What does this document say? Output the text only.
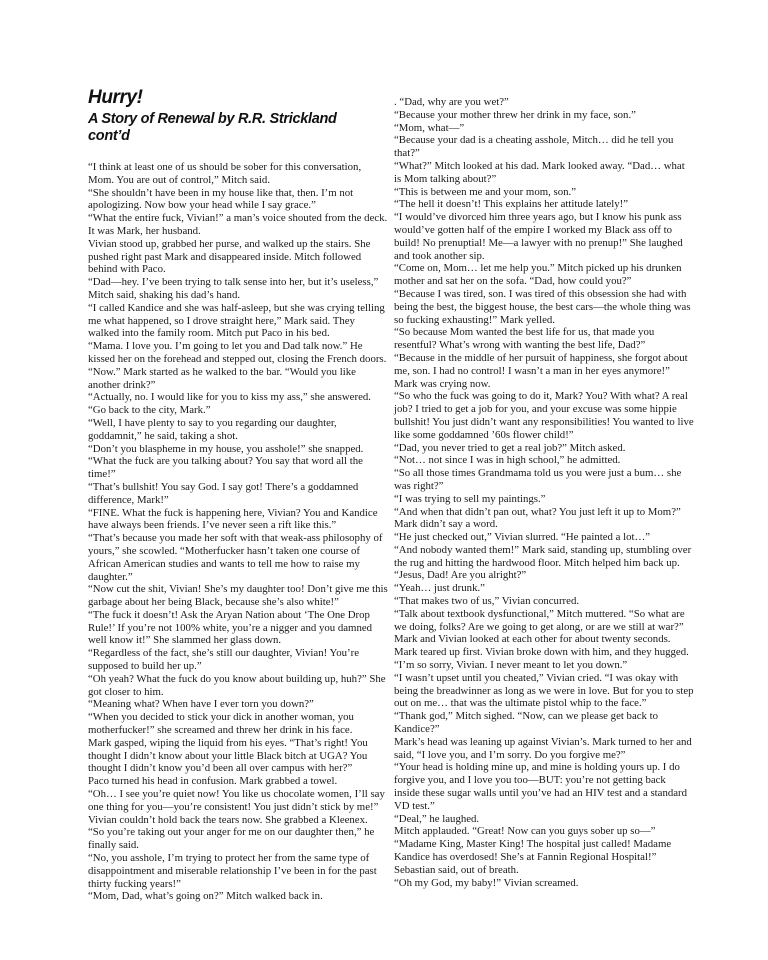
Hurry!
A Story of Renewal by R.R. Strickland cont’d

“I think at least one of us should be sober for this conversation, Mom. You are out of control,” Mitch said.

“She shouldn’t have been in my house like that, then. I’m not apologizing. Now bow your head while I say grace.”

“What the entire fuck, Vivian!” a man’s voice shouted from the deck. It was Mark, her husband.

Vivian stood up, grabbed her purse, and walked up the stairs. She pushed right past Mark and disappeared inside. Mitch followed behind with Paco.

“Dad—hey. I’ve been trying to talk sense into her, but it’s useless,” Mitch said, shaking his dad’s hand.

“I called Kandice and she was half-asleep, but she was crying telling me what happened, so I drove straight here,” Mark said. They walked into the family room. Mitch put Paco in his bed.

“Mama. I love you. I’m going to let you and Dad talk now.” He kissed her on the forehead and stepped out, closing the French doors.

“Now.” Mark started as he walked to the bar. “Would you like another drink?”

“Actually, no. I would like for you to kiss my ass,” she answered.

“Go back to the city, Mark.”

“Well, I have plenty to say to you regarding our daughter, goddamnit,” he said, taking a shot.

“Don’t you blaspheme in my house, you asshole!” she snapped.

“What the fuck are you talking about? You say that word all the time!”

“That’s bullshit! You say God. I say got! There’s a goddamned difference, Mark!”

“FINE. What the fuck is happening here, Vivian? You and Kandice have always been friends. I’ve never seen a rift like this.”

“That’s because you made her soft with that weak-ass philosophy of yours,” she scowled. “Motherfucker hasn’t taken one course of African American studies and wants to tell me how to raise my daughter.”

“Now cut the shit, Vivian! She’s my daughter too! Don’t give me this garbage about her being Black, because she’s also white!”

“The fuck it doesn’t! Ask the Aryan Nation about ‘The One Drop Rule!’ If you’re not 100% white, you’re a nigger and you damned well know it!” She slammed her glass down.

“Regardless of the fact, she’s still our daughter, Vivian! You’re supposed to build her up.”

“Oh yeah? What the fuck do you know about building up, huh?” She got closer to him.

“Meaning what? When have I ever torn you down?”

“When you decided to stick your dick in another woman, you motherfucker!” she screamed and threw her drink in his face.

Mark gasped, wiping the liquid from his eyes. “That’s right! You thought I didn’t know about your little Black bitch at UGA? You thought I didn’t know you’d been all over campus with her?”

Paco turned his head in confusion. Mark grabbed a towel.

“Oh… I see you’re quiet now! You like us chocolate women, I’ll say one thing for you—you’re consistent! You just didn’t stick by me!” Vivian couldn’t hold back the tears now. She grabbed a Kleenex.

“So you’re taking out your anger for me on our daughter then,” he finally said.

“No, you asshole, I’m trying to protect her from the same type of disappointment and miserable relationship I’ve been in for the past thirty fucking years!”

“Mom, Dad, what’s going on?” Mitch walked back in.

. “Dad, why are you wet?”

“Because your mother threw her drink in my face, son.”

“Mom, what—”

“Because your dad is a cheating asshole, Mitch… did he tell you that?”

“What?” Mitch looked at his dad. Mark looked away. “Dad… what is Mom talking about?”

“This is between me and your mom, son.”

“The hell it doesn’t! This explains her attitude lately!”

“I would’ve divorced him three years ago, but I know his punk ass would’ve gotten half of the empire I worked my Black ass off to build! No prenuptial! Me—a lawyer with no prenup!” She laughed and took another sip.

“Come on, Mom… let me help you.” Mitch picked up his drunken mother and sat her on the sofa. “Dad, how could you?”

“Because I was tired, son. I was tired of this obsession she had with being the best, the biggest house, the best cars—the whole thing was so fucking exhausting!” Mark yelled.

“So because Mom wanted the best life for us, that made you resentful? What’s wrong with wanting the best life, Dad?”

“Because in the middle of her pursuit of happiness, she forgot about me, son. I had no control! I wasn’t a man in her eyes anymore!” Mark was crying now.

“So who the fuck was going to do it, Mark? You? With what? A real job? I tried to get a job for you, and your excuse was some hippie bullshit! You just didn’t want any responsibilities! You wanted to live like some goddamned ’60s flower child!”

“Dad, you never tried to get a real job?” Mitch asked.

“Not… not since I was in high school,” he admitted.

“So all those times Grandmama told us you were just a bum… she was right?”

“I was trying to sell my paintings.”

“And when that didn’t pan out, what? You just left it up to Mom?” Mark didn’t say a word.

“He just checked out,” Vivian slurred. “He painted a lot…”

“And nobody wanted them!” Mark said, standing up, stumbling over the rug and hitting the hardwood floor. Mitch helped him back up.

“Jesus, Dad! Are you alright?”

“Yeah… just drunk.”

“That makes two of us,” Vivian concurred.

“Talk about textbook dysfunctional,” Mitch muttered. “So what are we doing, folks? Are we going to get along, or are we still at war?” Mark and Vivian looked at each other for about twenty seconds. Mark teared up first. Vivian broke down with him, and they hugged.

“I’m so sorry, Vivian. I never meant to let you down.”

“I wasn’t upset until you cheated,” Vivian cried. “I was okay with being the breadwinner as long as we were in love. But for you to step out on me… that was the ultimate pistol whip to the face.”

“Thank god,” Mitch sighed. “Now, can we please get back to Kandice?”

Mark’s head was leaning up against Vivian’s. Mark turned to her and said, “I love you, and I’m sorry. Do you forgive me?”

“Your head is holding mine up, and mine is holding yours up. I do forgive you, and I love you too—BUT: you’re not getting back inside these sugar walls until you’ve had an HIV test and a standard VD test.”

“Deal,” he laughed.

Mitch applauded. “Great! Now can you guys sober up so—”

“Madame King, Master King! The hospital just called! Madame Kandice has overdosed! She’s at Fannin Regional Hospital!” Sebastian said, out of breath.

“Oh my God, my baby!” Vivian screamed.
